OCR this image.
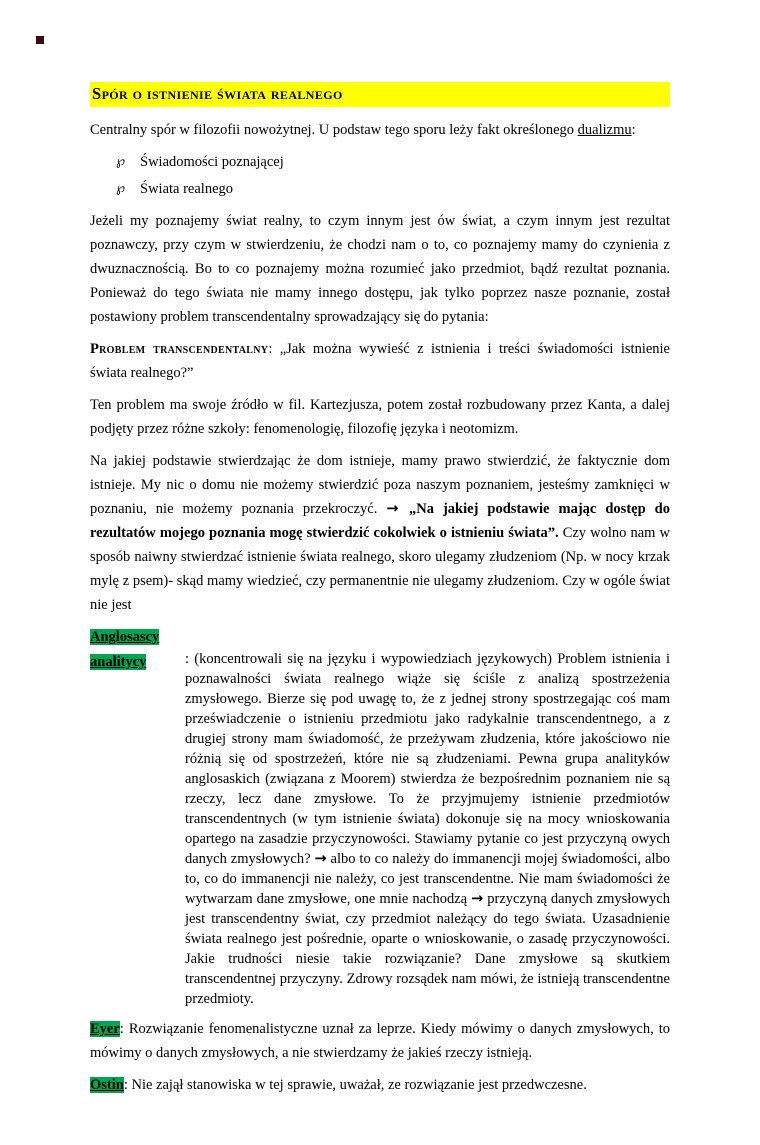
Spór o istnienie świata realnego

Centralny spór w filozofii nowożytnej. U podstaw tego sporu leży fakt określonego dualizmu:

℘	Świadomości poznającej
℘	Świata realnego

Jeżeli my poznajemy świat realny, to czym innym jest ów świat, a czym innym jest rezultat poznawczy, przy czym w stwierdzeniu, że chodzi nam o to, co poznajemy mamy do czynienia z dwuznacznością. Bo to co poznajemy można rozumieć jako przedmiot, bądź rezultat poznania. Ponieważ do tego świata nie mamy innego dostępu, jak tylko poprzez nasze poznanie, został postawiony problem transcendentalny sprowadzający się do pytania:

Problem transcendentalny: „Jak można wywieść z istnienia i treści świadomości istnienie świata realnego?”

Ten problem ma swoje źródło w fil. Kartezjusza, potem został rozbudowany przez Kanta, a dalej podjęty przez różne szkoły: fenomenologię, filozofię języka i neotomizm.

Na jakiej podstawie stwierdzając że dom istnieje, mamy prawo stwierdzić, że faktycznie dom istnieje. My nic o domu nie możemy stwierdzić poza naszym poznaniem, jesteśmy zamknięci w poznaniu, nie możemy poznania przekroczyć. → „Na jakiej podstawie mając dostęp do rezultatów mojego poznania mogę stwierdzić cokolwiek o istnieniu świata”. Czy wolno nam w sposób naiwny stwierdzać istnienie świata realnego, skoro ulegamy złudzeniom (Np. w nocy krzak mylę z psem)- skąd mamy wiedzieć, czy permanentnie nie ulegamy złudzeniom. Czy w ogóle świat nie jest

Anglosascy
analitycy	: (koncentrowali się na języku i wypowiedziach językowych) Problem istnienia i poznawalności świata realnego wiąże się ściśle z analizą spostrzeżenia zmysłowego. Bierze się pod uwagę to, że z jednej strony spostrzegając coś mam przeświadczenie o istnieniu przedmiotu jako radykalnie transcendentnego, a z drugiej strony mam świadomość, że przeżywam złudzenia, które jakościowo nie różnią się od spostrzeżeń, które nie są złudzeniami. Pewna grupa analityków anglosaskich (związana z Moorem) stwierdza że bezpośrednim poznaniem nie są rzeczy, lecz dane zmysłowe. To że przyjmujemy istnienie przedmiotów transcendentnych (w tym istnienie świata) dokonuje się na mocy wnioskowania opartego na zasadzie przyczynowości. Stawiamy pytanie co jest przyczyną owych danych zmysłowych? → albo to co należy do immanencji mojej świadomości, albo to, co do immanencji nie należy, co jest transcendentne. Nie mam świadomości że wytwarzam dane zmysłowe, one mnie nachodzą → przyczyną danych zmysłowych jest transcendentny świat, czy przedmiot należący do tego świata. Uzasadnienie świata realnego jest pośrednie, oparte o wnioskowanie, o zasadę przyczynowości. Jakie trudności niesie takie rozwiązanie? Dane zmysłowe są skutkiem transcendentnej przyczyny. Zdrowy rozsądek nam mówi, że istnieją transcendentne przedmioty.

Eyer: Rozwiązanie fenomenalistyczne uznał za leprze. Kiedy mówimy o danych zmysłowych, to mówimy o danych zmysłowych, a nie stwierdzamy że jakieś rzeczy istnieją.

Ostin: Nie zajął stanowiska w tej sprawie, uważał, ze rozwiązanie jest przedwczesne.
